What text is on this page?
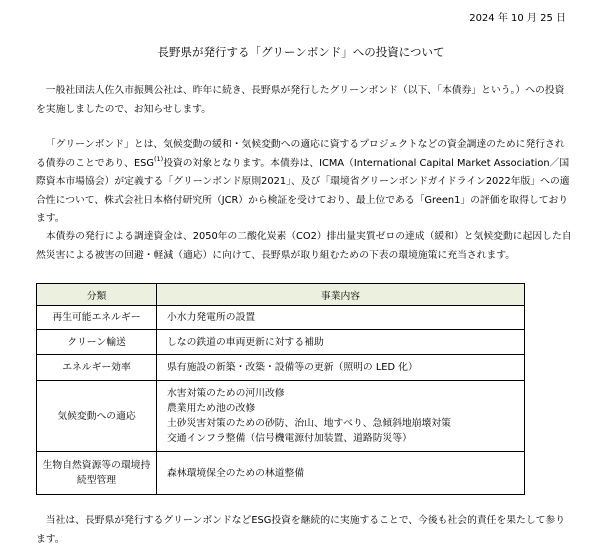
2024 年 10 月 25 日
長野県が発行する「グリーンボンド」への投資について

一般社団法人佐久市振興公社は、昨年に続き、長野県が発行したグリーンボンド（以下、「本債券」という。）への投資を実施しましたので、お知らせします。

「グリーンボンド」とは、気候変動の緩和・気候変動への適応に資するプロジェクトなどの資金調達のために発行される債券のことであり、ESG$^{(1)}$投資の対象となります。本債券は、ICMA（International Capital Market Association／国際資本市場協会）が定義する「グリーンボンド原則2021」、及び「環境省グリーンボンドガイドライン2022年版」への適合性について、株式会社日本格付研究所（JCR）から検証を受けており、最上位である「Green1」の評価を取得しております。

本債券の発行による調達資金は、2050年の二酸化炭素（CO2）排出量実質ゼロの達成（緩和）と気候変動に起因した自然災害による被害の回避・軽減（適応）に向けて、長野県が取り組むための下表の環境施策に充当されます。

分類	事業内容
再生可能エネルギー	小水力発電所の設置

クリーン輸送	しなの鉄道の車両更新に対する補助

エネルギー効率	県有施設の新築・改築・設備等の更新（照明の LED 化）

気候変動への適応	水害対策のための河川改修
農業用ため池の改修
土砂災害対策のための砂防、治山、地すべり、急傾斜地崩壊対策
交通インフラ整備（信号機電源付加装置、道路防災等）

生物自然資源等の環境持続型管理	森林環境保全のための林道整備

当社は、長野県が発行するグリーンボンドなどESG投資を継続的に実施することで、今後も社会的責任を果たして参ります。
